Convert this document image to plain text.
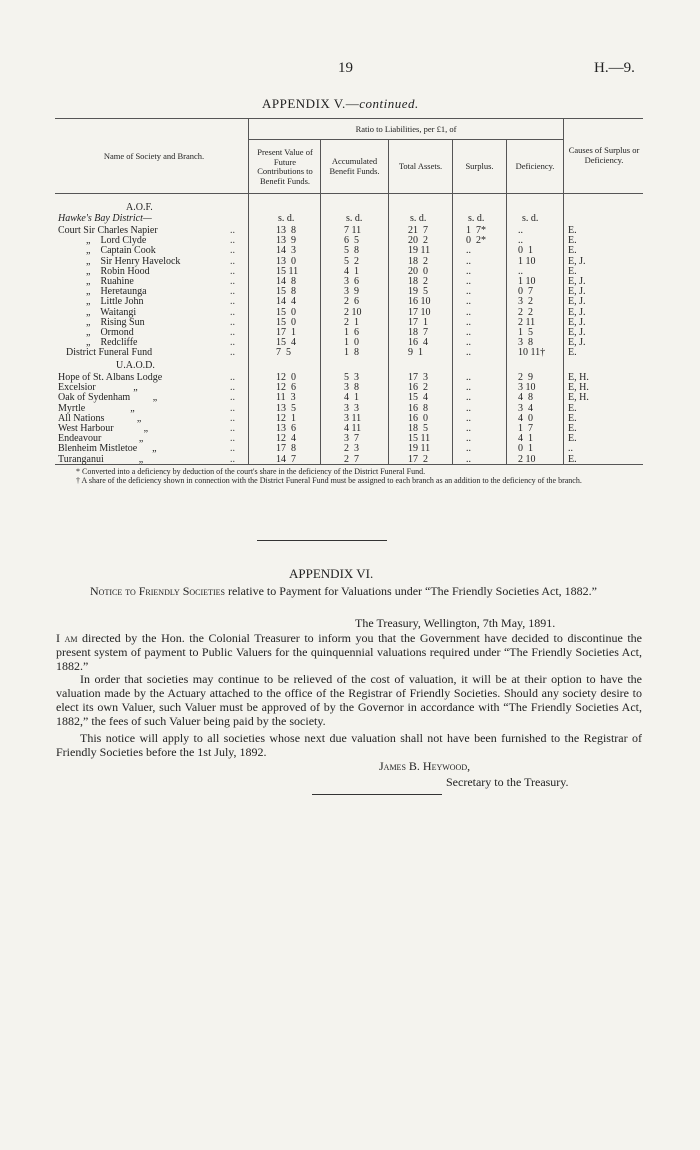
19	H.—9.
APPENDIX V.—continued.
Name of Society and Branch.
Ratio to Liabilities, per £1, of
Present Value of Future Contributions to Benefit Funds.
Accumulated Benefit Funds.	Total Assets.	Surplus.	Deficiency.
Causes of Surplus or Deficiency.
A.O.F.
Hawke's Bay District—	s. d.	s. d.	s. d.	s. d.	s. d.
Court Sir Charles Napier	..	13  8	7 11	21  7	1  7*	..	E.
„    Lord Clyde	..	13  9	6  5	20  2	0  2*	..	E.
„    Captain Cook	..	14  3	5  8	19 11	..	0  1	E.
„    Sir Henry Havelock	..	13  0	5  2	18  2	..	1 10	E, J.
„    Robin Hood	..	15 11	4  1	20  0	..	..	E.
„    Ruahine	..	14  8	3  6	18  2	..	1 10	E, J.
„    Heretaunga	..	15  8	3  9	19  5	..	0  7	E, J.
„    Little John	..	14  4	2  6	16 10	..	3  2	E, J.
„    Waitangi	..	15  0	2 10	17 10	..	2  2	E, J.
„    Rising Sun	..	15  0	2  1	17  1	..	2 11	E, J.
„    Ormond	..	17  1	1  6	18  7	..	1  5	E, J.
„    Redcliffe	..	15  4	1  0	16  4	..	3  8	E, J.
District Funeral Fund	..	7  5	1  8	9  1	..	10 11† E.
U.A.O.D.
Hope of St. Albans Lodge	..	12  0	5  3	17  3	..	2  9	E, H.
Excelsior               „	..	12  6	3  8	16  2	..	3 10	E, H.
Oak of Sydenham         „	..	11  3	4  1	15  4	..	4  8	E, H.
Myrtle                  „	..	13  5	3  3	16  8	..	3  4	E.
All Nations             „	..	12  1	3 11	16  0	..	4  0	E.
West Harbour            „	..	13  6	4 11	18  5	..	1  7	E.
Endeavour               „	..	12  4	3  7	15 11	..	4  1	E.
Blenheim Mistletoe      „	..	17  8	2  3	19 11	..	0  1	..
Turanganui              „	..	14  7	2  7	17  2	..	2 10	E.
* Converted into a deficiency by deduction of the court's share in the deficiency of the District Funeral Fund.
† A share of the deficiency shown in connection with the District Funeral Fund must be assigned to each branch as an addition to the deficiency of the branch.
APPENDIX VI.
Notice to Friendly Societies relative to Payment for Valuations under “The Friendly Societies Act, 1882.”
The Treasury, Wellington, 7th May, 1891.
I am directed by the Hon. the Colonial Treasurer to inform you that the Government have decided to discontinue the present system of payment to Public Valuers for the quinquennial valuations required under “The Friendly Societies Act, 1882.”
In order that societies may continue to be relieved of the cost of valuation, it will be at their option to have the valuation made by the Actuary attached to the office of the Registrar of Friendly Societies. Should any society desire to elect its own Valuer, such Valuer must be approved of by the Governor in accordance with “The Friendly Societies Act, 1882,” the fees of such Valuer being paid by the society.
This notice will apply to all societies whose next due valuation shall not have been furnished to the Registrar of Friendly Societies before the 1st July, 1892.
James B. Heywood,
Secretary to the Treasury.
